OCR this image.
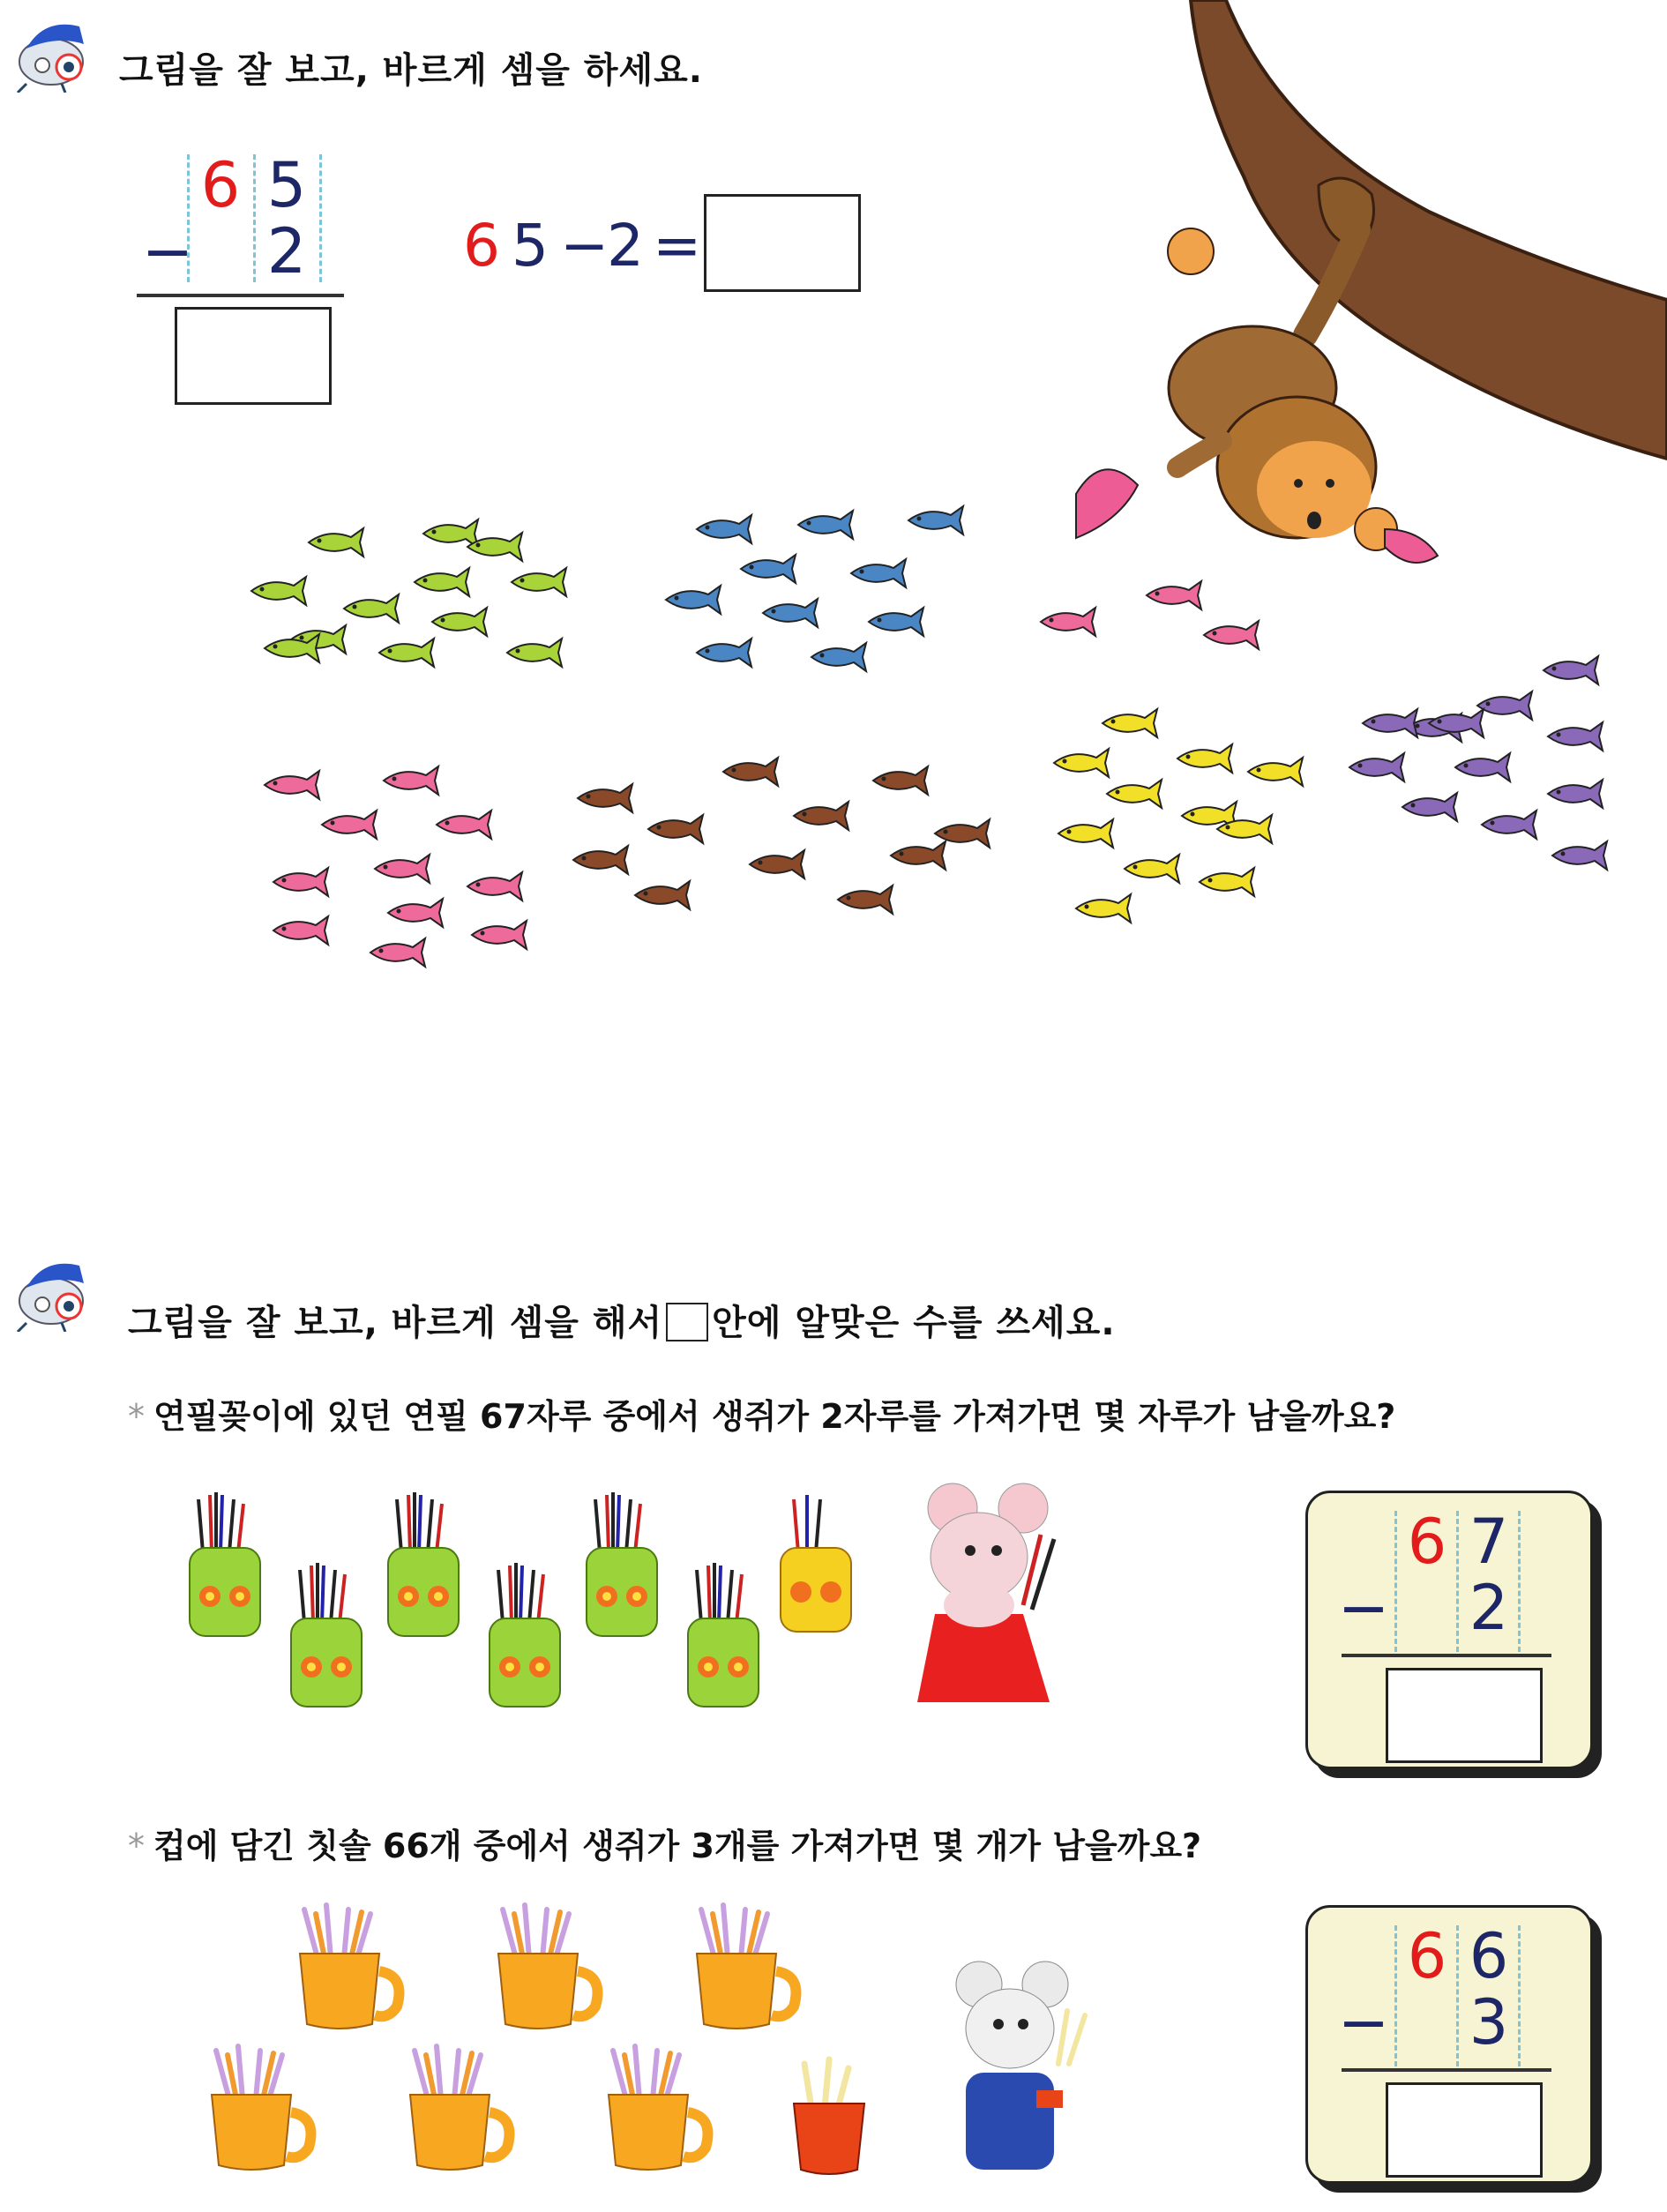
그림을 잘 보고, 바르게 셈을 하세요.
6 5
− 2	6 5 −
2 =
그림을 잘 보고, 바르게 셈을 해서 안에 알맞은 수를 쓰세요.
* 연필꽂이에 있던 연필 67자루 중에서 생쥐가 2자루를 가져가면 몇 자루가 남을까요?
6 7
− 2
* 컵에 담긴 칫솔 66개 중에서 생쥐가 3개를 가져가면 몇 개가 남을까요?
6 6
− 3
